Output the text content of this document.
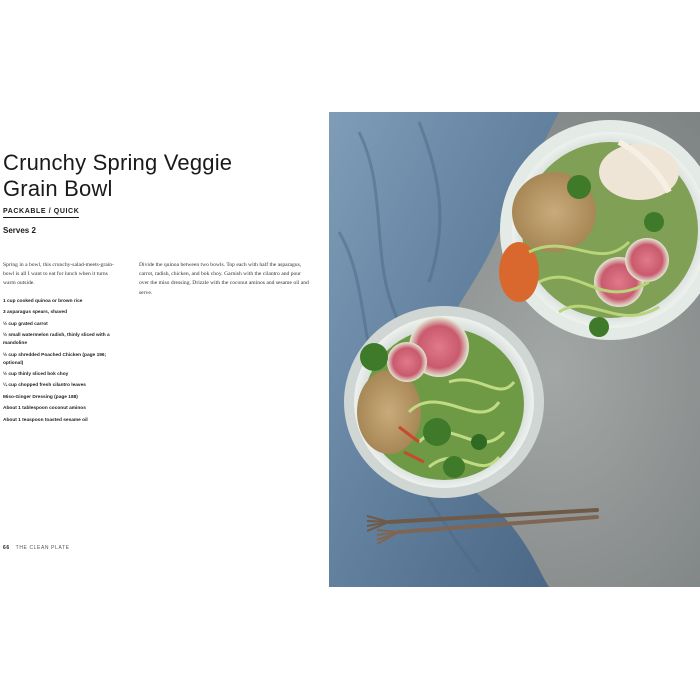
Crunchy Spring Veggie
Grain Bowl
PACKABLE / QUICK
Serves 2

Spring in a bowl, this crunchy-salad-meets-grain-bowl is all I want to eat for lunch when it turns warm outside.

Divide the quinoa between two bowls. Top each with half the asparagus, carrot, radish, chicken, and bok choy. Garnish with the cilantro and pour over the miso dressing. Drizzle with the coconut aminos and sesame oil and serve.

1 cup cooked quinoa or brown rice
3 asparagus spears, shaved
½ cup grated carrot
½ small watermelon radish, thinly sliced with a mandoline
½ cup shredded Poached Chicken (page 196; optional)
½ cup thinly sliced bok choy
¼ cup chopped fresh cilantro leaves
Miso-Ginger Dressing (page 188)
About 1 tablespoon coconut aminos
About 1 teaspoon toasted sesame oil
66 THE CLEAN PLATE
